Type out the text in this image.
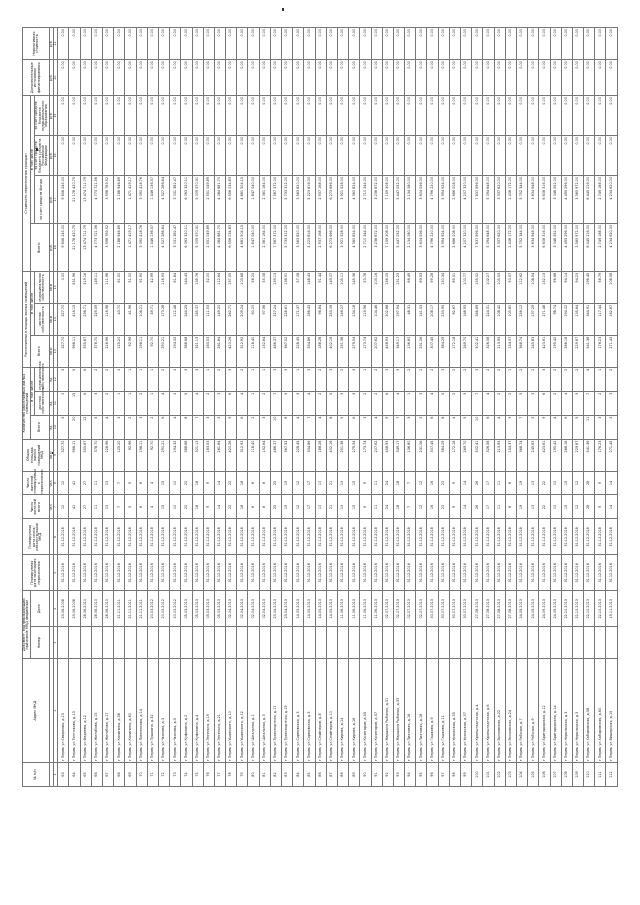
№ п/п	Адрес МКД	Документ, подтверждающий признание МКД аварийным		Планируемая дата окончания переселения	Планируемая дата сноса/реконструкции МКД	Число жителей всего	Число жителей, планируемых к переселению	Общая площадь жилых помещений МКД	Количество расселяемых жилых помещений			Расселяемая площадь жилых помещений			Стоимость переселения граждан				Дополнительные источники финансирования	Нормативная стоимость
		Номер	Дата						Всего	в том числе		Всего	в том числе		Всего:	в том числе				
										частная собственность	муниципальная собственность		частная собственность	муниципальная собственность		за счет средств Фонда	за счет средств бюджета субъекта Российской Федерации	за счет средств бюджета муниципального образования		
						чел.	чел.	кв.м	ед.	ед.	ед.	кв.м	кв.м	кв.м	руб.	руб.	руб.	руб.	руб.	руб.
1	2	3	4	5	6	7	8	9	10	11	12	13	14	15	16	17	18	19	20	21
63	г Пермь ул Смирнова, д.15		23.06.2008	31.12.2016	31.12.2018	12	12	327.70	5	0	5	327.70	327.70	0.00	9 658 245.00	9 658 245.00	0.00	0.00	0.00	0.00
64	г Пермь ул Тентюкова, д.13		23.06.2008	31.12.2016	31.12.2018	41	41	968.11	20	15	5	968.11	416.15	551.96	21 178 420.75	21 178 420.75	0.00	0.00	0.00	0.00
65	г Пермь ул Фадеева, д.12		28.06.2010	31.12.2016	31.12.2018	27	27	555.87	12	6	6	555.87	236.71	319.16	13 474 711.79	13 474 711.79	0.00	0.00	0.00	0.00
66	г Пермь ул Желябова, д.15		28.06.2010	31.12.2016	31.12.2018	11	11	378.70	5	3	2	378.70	229.59	149.11	4 773 721.56	4 773 721.56	0.00	0.00	0.00	0.00
67	г Пермь ул Желябова, д.17		28.06.2010	31.12.2016	31.12.2018	13	13	228.96	4	2	2	228.96	116.98	111.98	3 598 783.52	3 598 783.52	0.00	0.00	0.00	0.00
68	г Пермь ул Калинина, д.58		21.11.2011	31.12.2016	31.12.2018	7	7	125.20	3	1	2	125.20	43.70	81.50	2 188 946.89	2 188 946.89	0.00	0.00	0.00	0.00
69	г Пермь ул Калинина, д.60		21.11.2011	31.12.2016	31.12.2018	5	5	92.96	2	1	1	92.96	41.96	51.00	1 471 419.17	1 471 419.17	0.00	0.00	0.00	0.00
70	г Пермь ул Ломоносова, д.14		21.11.2011	31.12.2016	31.12.2018	8	8	198.11	3	2	1	198.11	106.21	91.90	3 090 418.76	3 090 418.76	0.00	0.00	0.00	0.00
71	г Пермь ул Пушкина, д.32		20.03.2012	31.12.2016	31.12.2018	4	4	92.70	2	1	1	92.70	49.71	42.99	1 446 136.57	1 446 136.57	0.00	0.00	0.00	0.00
72	г Пермь ул Чкалова, д.3		20.03.2012	31.12.2016	31.12.2018	15	15	290.21	6	4	2	290.21	173.28	116.93	4 527 286.64	4 527 286.64	0.00	0.00	0.00	0.00
73	г Пермь ул Чкалова, д.5		20.03.2012	31.12.2016	31.12.2018	10	10	194.32	4	2	2	194.32	112.48	81.84	3 031 382.47	3 031 382.47	0.00	0.00	0.00	0.00
74	г Пермь ул Куфонина, д.2		05.03.2013	31.12.2016	31.12.2018	20	20	388.68	8	5	3	388.68	244.25	144.43	6 063 320.11	6 063 320.11	0.00	0.00	0.00	0.00
75	г Пермь ул Куфонина, д.4		05.03.2013	31.12.2016	31.12.2018	18	18	321.13	7	4	3	321.13	185.37	135.76	5 009 570.31	5 009 570.31	0.00	0.00	0.00	0.00
76	г Пермь ул Энгельса, д.19		05.03.2013	31.12.2016	31.12.2018	9	9	163.53	3	2	1	163.53	111.53	52.00	2 551 049.89	2 551 049.89	0.00	0.00	0.00	0.00
77	г Пермь ул Энгельса, д.21		05.03.2013	31.12.2016	31.12.2018	14	14	261.84	5	3	2	261.84	149.20	112.64	4 084 681.70	4 084 681.70	0.00	0.00	0.00	0.00
78	г Пермь ул Ушинского, д.10		02.04.2013	31.12.2016	31.12.2018	22	22	420.26	9	6	3	420.26	262.71	157.55	6 556 034.83	6 556 034.83	0.00	0.00	0.00	0.00
79	г Пермь ул Ушинского, д.12		02.04.2013	31.12.2016	31.12.2018	16	16	312.92	6	4	2	312.92	209.24	103.68	4 881 504.15	4 881 504.15	0.00	0.00	0.00	0.00
80	г Пермь ул Шпальная, д.1		02.04.2013	31.12.2016	31.12.2018	6	6	118.40	2	1	1	118.40	60.20	58.20	1 847 040.00	1 847 040.00	0.00	0.00	0.00	0.00
81	г Пермь ул Шпальная, д.3		02.04.2013	31.12.2016	31.12.2018	8	8	152.64	3	2	1	152.64	97.56	55.08	2 381 184.00	2 381 184.00	0.00	0.00	0.00	0.00
82	г Пермь ул Транспортная, д.17		23.04.2013	31.12.2016	31.12.2018	25	25	486.37	10	7	3	486.37	327.24	159.13	7 587 372.00	7 587 372.00	0.00	0.00	0.00	0.00
83	г Пермь ул Транспортная, д.19		23.04.2013	31.12.2016	31.12.2018	19	19	367.52	8	5	3	367.52	228.61	138.91	5 733 312.00	5 733 312.00	0.00	0.00	0.00	0.00
84	г Пермь ул Cормовская, д.3		14.05.2013	31.12.2016	31.12.2018	12	12	228.45	4	3	1	228.45	171.37	57.08	3 563 820.00	3 563 820.00	0.00	0.00	0.00	0.00
85	г Пермь ул Cормовская, д.5		14.05.2013	31.12.2016	31.12.2018	17	17	334.86	7	4	3	334.86	186.43	148.43	5 223 816.00	5 223 816.00	0.00	0.00	0.00	0.00
86	г Пермь ул Снайперов, д.8		14.05.2013	31.12.2016	31.12.2018	10	10	188.28	4	2	2	188.28	96.84	91.44	2 937 168.00	2 937 168.00	0.00	0.00	0.00	0.00
87	г Пермь ул Снайперов, д.10		14.05.2013	31.12.2016	31.12.2018	21	21	402.16	8	5	3	402.16	253.09	149.07	6 273 696.00	6 273 696.00	0.00	0.00	0.00	0.00
88	г Пермь ул Кирова, д.14		11.06.2013	31.12.2016	31.12.2018	13	13	251.38	5	3	2	251.38	146.27	105.11	3 921 528.00	3 921 528.00	0.00	0.00	0.00	0.00
89	г Пермь ул Кирова, д.16		11.06.2013	31.12.2016	31.12.2018	15	15	279.54	6	3	3	279.54	134.18	145.36	4 360 824.00	4 360 824.00	0.00	0.00	0.00	0.00
90	г Пермь ул Кочегаров, д.55		11.06.2013	31.12.2016	31.12.2018	9	9	173.74	3	2	1	173.74	119.96	53.78	2 710 344.00	2 710 344.00	0.00	0.00	0.00	0.00
91	г Пермь ул Кочегаров, д.57		11.06.2013	31.12.2016	31.12.2018	11	11	207.62	4	2	2	207.62	104.46	103.16	3 238 872.00	3 238 872.00	0.00	0.00	0.00	0.00
92	г Пермь ул Маршала Рыбалко, д.31		02.07.2013	31.12.2016	31.12.2018	24	24	458.93	9	6	3	458.93	302.88	156.05	7 159 308.00	7 159 308.00	0.00	0.00	0.00	0.00
93	г Пермь ул Маршала Рыбалко, д.33		02.07.2013	31.12.2016	31.12.2018	18	18	349.17	7	4	3	349.17	197.94	151.23	5 447 052.00	5 447 052.00	0.00	0.00	0.00	0.00
94	г Пермь ул Пихтовая, д.16		02.07.2013	31.12.2016	31.12.2018	7	7	136.80	3	1	2	136.80	48.31	88.49	2 134 080.00	2 134 080.00	0.00	0.00	0.00	0.00
95	г Пермь ул Пихтовая, д.18		02.07.2013	31.12.2016	31.12.2018	12	12	231.06	5	3	2	231.06	141.53	89.53	3 604 536.00	3 604 536.00	0.00	0.00	0.00	0.00
96	г Пермь ул Гашкова, д.9		30.07.2013	31.12.2016	31.12.2018	16	16	307.45	6	4	2	307.45	208.17	99.28	4 796 220.00	4 796 220.00	0.00	0.00	0.00	0.00
97	г Пермь ул Гашкова, д.11		30.07.2013	31.12.2016	31.12.2018	20	20	384.29	8	5	3	384.29	233.95	150.34	5 994 924.00	5 994 924.00	0.00	0.00	0.00	0.00
98	г Пермь ул Уральская, д.35		30.07.2013	31.12.2016	31.12.2018	9	9	172.18	4	2	2	172.18	82.67	89.51	2 686 008.00	2 686 008.00	0.00	0.00	0.00	0.00
99	г Пермь ул Уральская, д.37		30.07.2013	31.12.2016	31.12.2018	14	14	269.70	5	3	2	269.70	168.93	100.77	4 207 320.00	4 207 320.00	0.00	0.00	0.00	0.00
100	г Пермь ул Кронштадтская, д.4		27.08.2013	31.12.2016	31.12.2018	26	26	502.41	10	7	3	502.41	346.89	155.52	7 837 596.00	7 837 596.00	0.00	0.00	0.00	0.00
101	г Пермь ул Кронштадтская, д.6		27.08.2013	31.12.2016	31.12.2018	17	17	326.58	6	4	2	326.58	224.31	102.27	5 094 648.00	5 094 648.00	0.00	0.00	0.00	0.00
102	г Пермь ул Волховская, д.22		27.08.2013	31.12.2016	31.12.2018	11	11	213.95	4	2	2	213.95	108.42	105.53	3 337 620.00	3 337 620.00	0.00	0.00	0.00	0.00
103	г Пермь ул Волховская, д.24		27.08.2013	31.12.2016	31.12.2018	8	8	154.37	3	2	1	154.37	103.80	50.57	2 408 172.00	2 408 172.00	0.00	0.00	0.00	0.00
104	г Пермь ул Рабочая, д.7		24.09.2013	31.12.2016	31.12.2018	19	19	368.74	7	5	2	368.74	256.12	112.62	5 752 344.00	5 752 344.00	0.00	0.00	0.00	0.00
105	г Пермь ул Рабочая, д.9		24.09.2013	31.12.2016	31.12.2018	13	13	245.83	5	3	2	245.83	137.29	108.54	3 834 948.00	3 834 948.00	0.00	0.00	0.00	0.00
106	г Пермь ул Бригадирская, д.12		24.09.2013	31.12.2016	31.12.2018	22	22	423.61	9	6	3	423.61	271.48	152.13	6 608 316.00	6 608 316.00	0.00	0.00	0.00	0.00
107	г Пермь ул Бригадирская, д.14		24.09.2013	31.12.2016	31.12.2018	10	10	195.42	4	2	2	195.42	98.74	96.68	3 048 552.00	3 048 552.00	0.00	0.00	0.00	0.00
108	г Пермь ул Норильская, д.3		22.10.2013	31.12.2016	31.12.2018	15	15	288.16	6	4	2	288.16	194.02	94.14	4 495 296.00	4 495 296.00	0.00	0.00	0.00	0.00
109	г Пермь ул Норильская, д.5		22.10.2013	31.12.2016	31.12.2018	12	12	229.87	5	3	2	229.87	135.64	94.23	3 585 972.00	3 585 972.00	0.00	0.00	0.00	0.00
110	г Пермь ул Хабаровская, д.58		22.10.2013	31.12.2016	31.12.2018	28	28	541.36	11	7	4	541.36	344.91	196.45	8 445 216.00	8 445 216.00	0.00	0.00	0.00	0.00
111	г Пермь ул Хабаровская, д.60		22.10.2013	31.12.2016	31.12.2018	9	9	176.23	3	2	1	176.23	117.44	58.79	2 749 188.00	2 749 188.00	0.00	0.00	0.00	0.00
112	г Пермь ул Вишерская, д.15		19.11.2013	31.12.2016	31.12.2018	14	14	271.45	5	3	2	271.45	162.87	108.58	4 234 620.00	4 234 620.00	0.00	0.00	0.00	0.00
